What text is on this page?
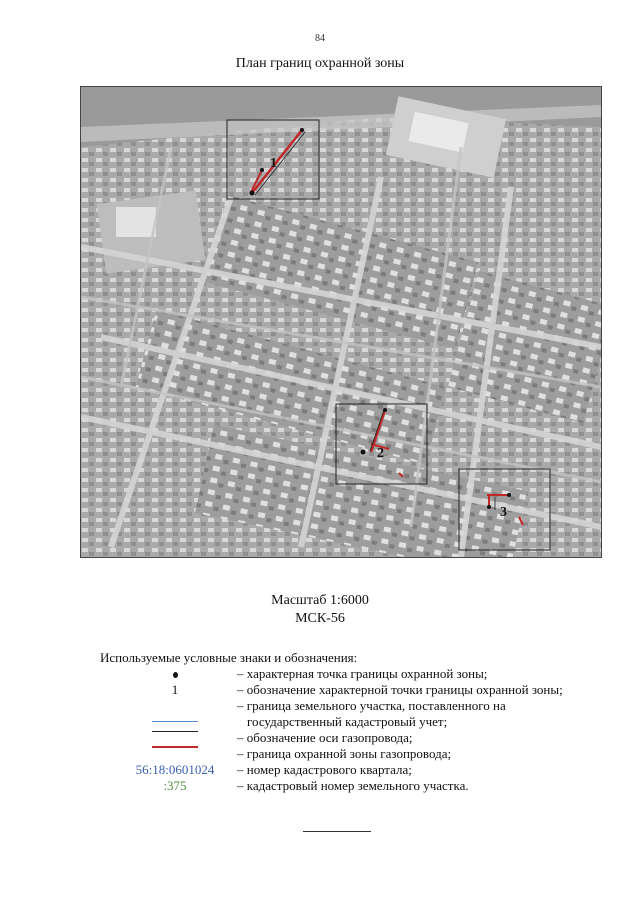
84
План границ охранной зоны
1
2
3
Масштаб 1:6000
МСК-56
Используемые условные знаки и обозначения:
– характерная точка границы охранной зоны;
1	– обозначение характерной точки границы охранной зоны;
– граница земельного участка, поставленного на
государственный кадастровый учет;
– обозначение оси газопровода;
– граница охранной зоны газопровода;
56:18:0601024	– номер кадастрового квартала;
:375	– кадастровый номер земельного участка.
